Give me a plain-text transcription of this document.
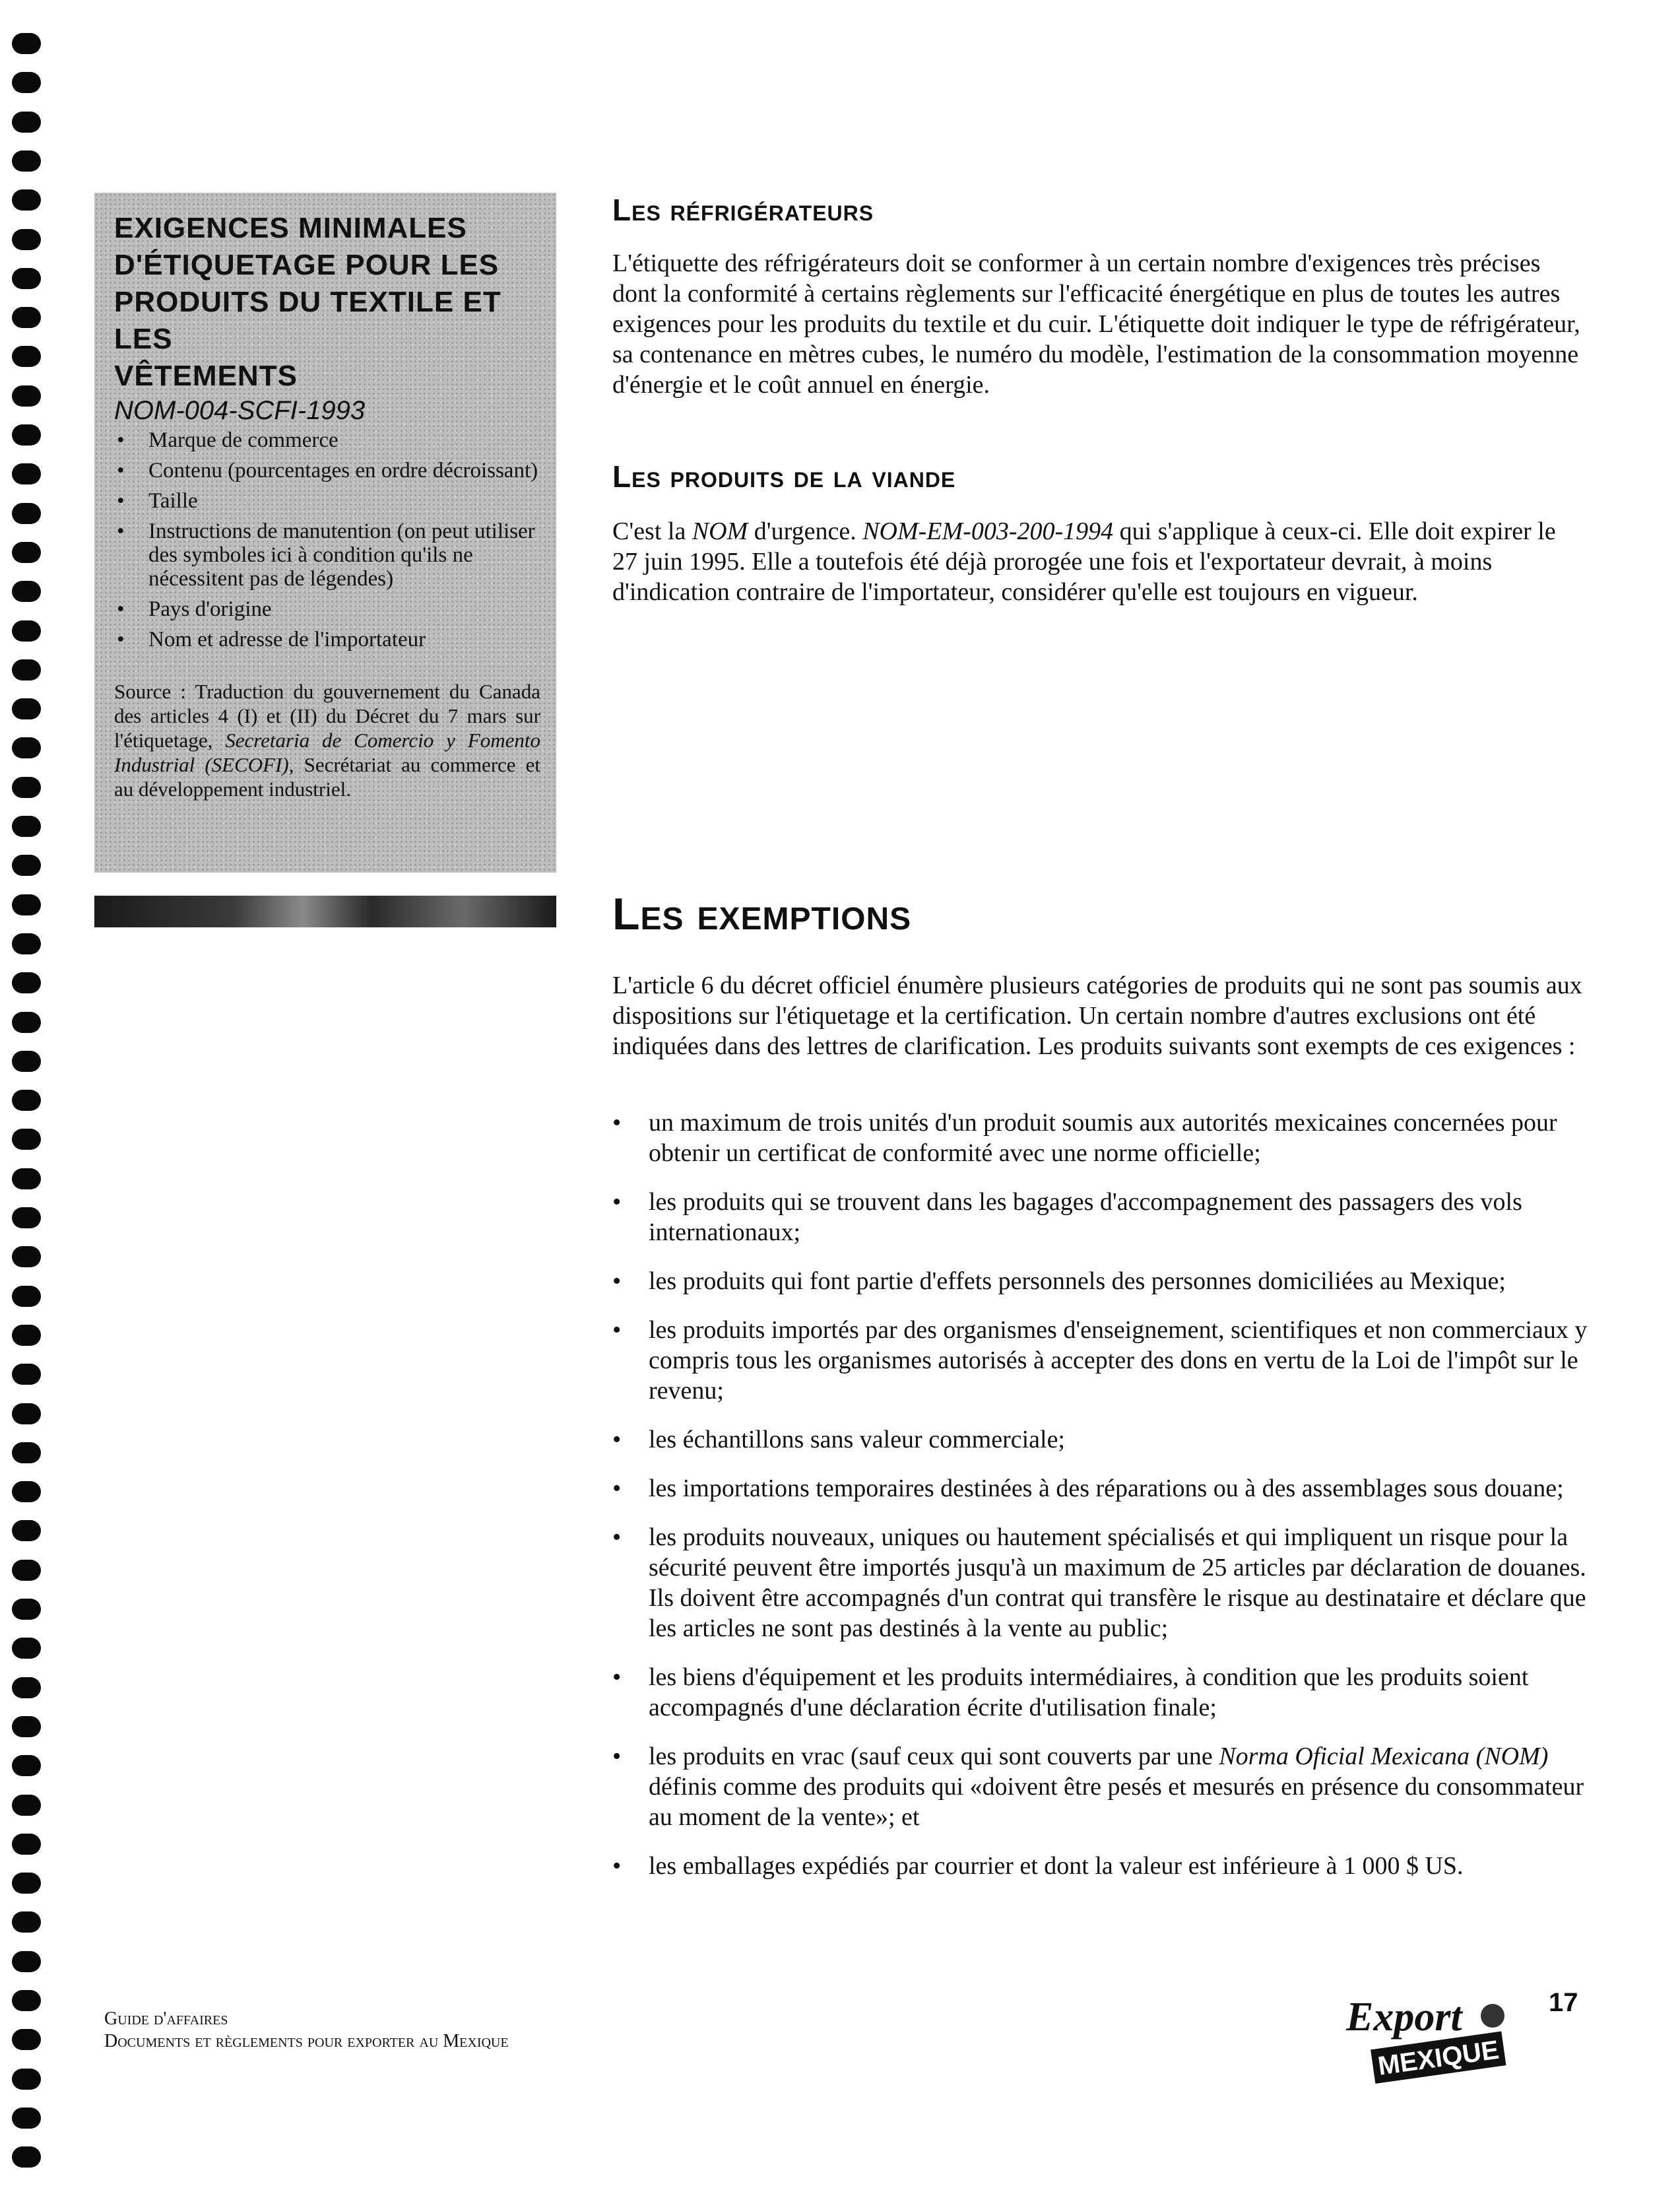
EXIGENCES MINIMALES
D'ÉTIQUETAGE POUR LES
PRODUITS DU TEXTILE ET LES
VÊTEMENTS
NOM-004-SCFI-1993
• Marque de commerce
• Contenu (pourcentages en ordre décroissant)
• Taille
• Instructions de manutention (on peut utiliser des symboles ici à condition qu'ils ne nécessitent pas de légendes)
• Pays d'origine
• Nom et adresse de l'importateur
Source : Traduction du gouvernement du Canada des articles 4 (I) et (II) du Décret du 7 mars sur l'étiquetage, Secretaria de Comercio y Fomento Industrial (SECOFI), Secrétariat au commerce et au développement industriel.
Les réfrigérateurs

L'étiquette des réfrigérateurs doit se conformer à un certain nombre d'exigences très précises dont la conformité à certains règlements sur l'efficacité énergétique en plus de toutes les autres exigences pour les produits du textile et du cuir. L'étiquette doit indiquer le type de réfrigérateur, sa contenance en mètres cubes, le numéro du modèle, l'estimation de la consommation moyenne d'énergie et le coût annuel en énergie.

Les produits de la viande

C'est la NOM d'urgence. NOM-EM-003-200-1994 qui s'applique à ceux-ci. Elle doit expirer le 27 juin 1995. Elle a toutefois été déjà prorogée une fois et l'exportateur devrait, à moins d'indication contraire de l'importateur, considérer qu'elle est toujours en vigueur.

Les exemptions

L'article 6 du décret officiel énumère plusieurs catégories de produits qui ne sont pas soumis aux dispositions sur l'étiquetage et la certification. Un certain nombre d'autres exclusions ont été indiquées dans des lettres de clarification. Les produits suivants sont exempts de ces exigences :

• un maximum de trois unités d'un produit soumis aux autorités mexicaines concernées pour obtenir un certificat de conformité avec une norme officielle;
• les produits qui se trouvent dans les bagages d'accompagnement des passagers des vols internationaux;
• les produits qui font partie d'effets personnels des personnes domiciliées au Mexique;
• les produits importés par des organismes d'enseignement, scientifiques et non commerciaux y compris tous les organismes autorisés à accepter des dons en vertu de la Loi de l'impôt sur le revenu;
• les échantillons sans valeur commerciale;
• les importations temporaires destinées à des réparations ou à des assemblages sous douane;
• les produits nouveaux, uniques ou hautement spécialisés et qui impliquent un risque pour la sécurité peuvent être importés jusqu'à un maximum de 25 articles par déclaration de douanes. Ils doivent être accompagnés d'un contrat qui transfère le risque au destinataire et déclare que les articles ne sont pas destinés à la vente au public;
• les biens d'équipement et les produits intermédiaires, à condition que les produits soient accompagnés d'une déclaration écrite d'utilisation finale;
• les produits en vrac (sauf ceux qui sont couverts par une Norma Oficial Mexicana (NOM) définis comme des produits qui «doivent être pesés et mesurés en présence du consommateur au moment de la vente»; et
• les emballages expédiés par courrier et dont la valeur est inférieure à 1 000 $ US.
Guide d'affaires
Documents et règlements pour exporter au Mexique
Export
MEXIQUE
17
